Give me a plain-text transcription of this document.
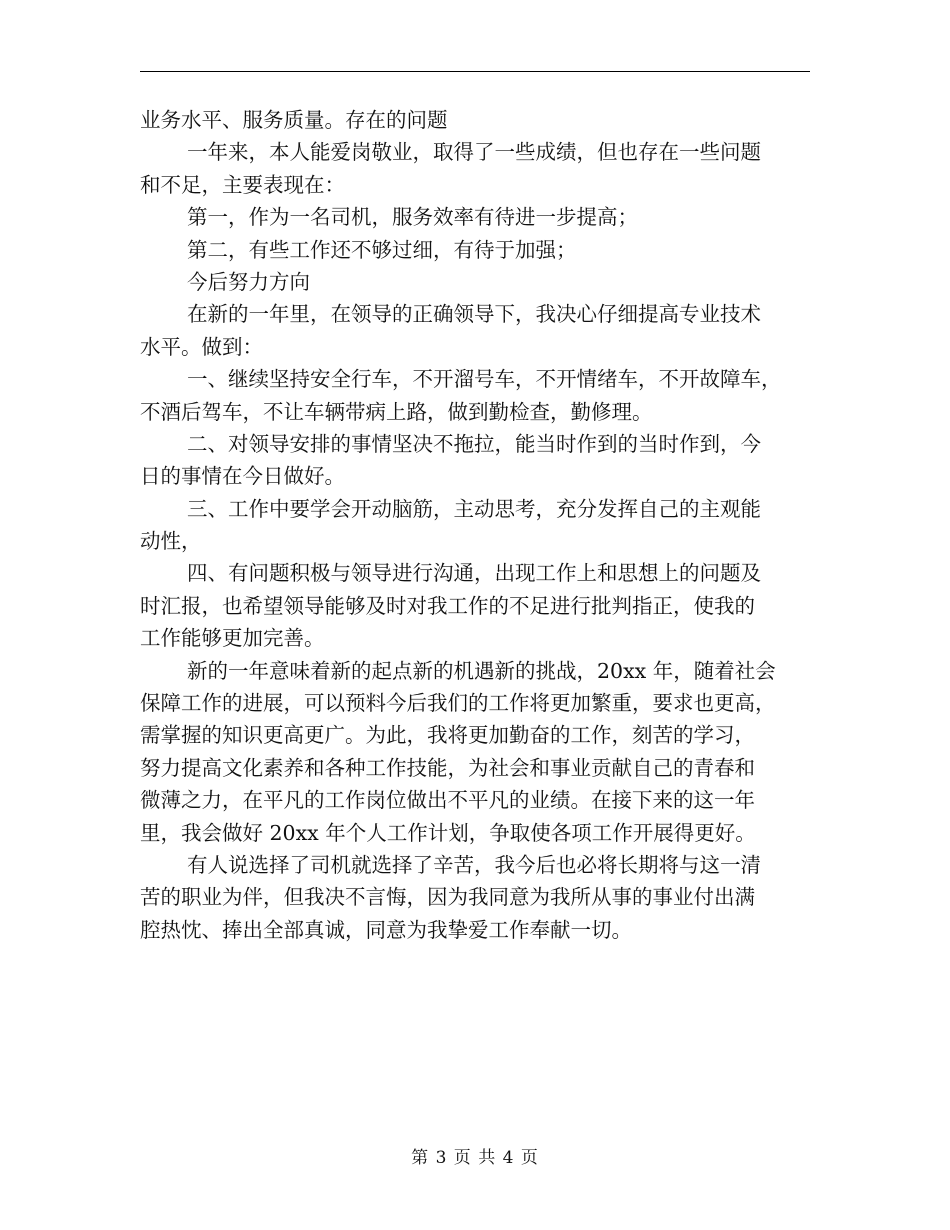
业务水平、服务质量。存在的问题
一年来，本人能爱岗敬业，取得了一些成绩，但也存在一些问题
和不足，主要表现在：
第一，作为一名司机，服务效率有待进一步提高；
第二，有些工作还不够过细，有待于加强；
今后努力方向
在新的一年里，在领导的正确领导下，我决心仔细提高专业技术
水平。做到：
一、继续坚持安全行车，不开溜号车，不开情绪车，不开故障车，
不酒后驾车，不让车辆带病上路，做到勤检查，勤修理。
二、对领导安排的事情坚决不拖拉，能当时作到的当时作到，今
日的事情在今日做好。
三、工作中要学会开动脑筋，主动思考，充分发挥自己的主观能
动性，
四、有问题积极与领导进行沟通，出现工作上和思想上的问题及
时汇报，也希望领导能够及时对我工作的不足进行批判指正，使我的
工作能够更加完善。
新的一年意味着新的起点新的机遇新的挑战，20xx 年，随着社会
保障工作的进展，可以预料今后我们的工作将更加繁重，要求也更高，
需掌握的知识更高更广。为此，我将更加勤奋的工作，刻苦的学习，
努力提高文化素养和各种工作技能，为社会和事业贡献自己的青春和
微薄之力，在平凡的工作岗位做出不平凡的业绩。在接下来的这一年
里，我会做好 20xx 年个人工作计划，争取使各项工作开展得更好。
有人说选择了司机就选择了辛苦，我今后也必将长期将与这一清
苦的职业为伴，但我决不言悔，因为我同意为我所从事的事业付出满
腔热忱、捧出全部真诚，同意为我挚爱工作奉献一切。
第 3 页 共 4 页
